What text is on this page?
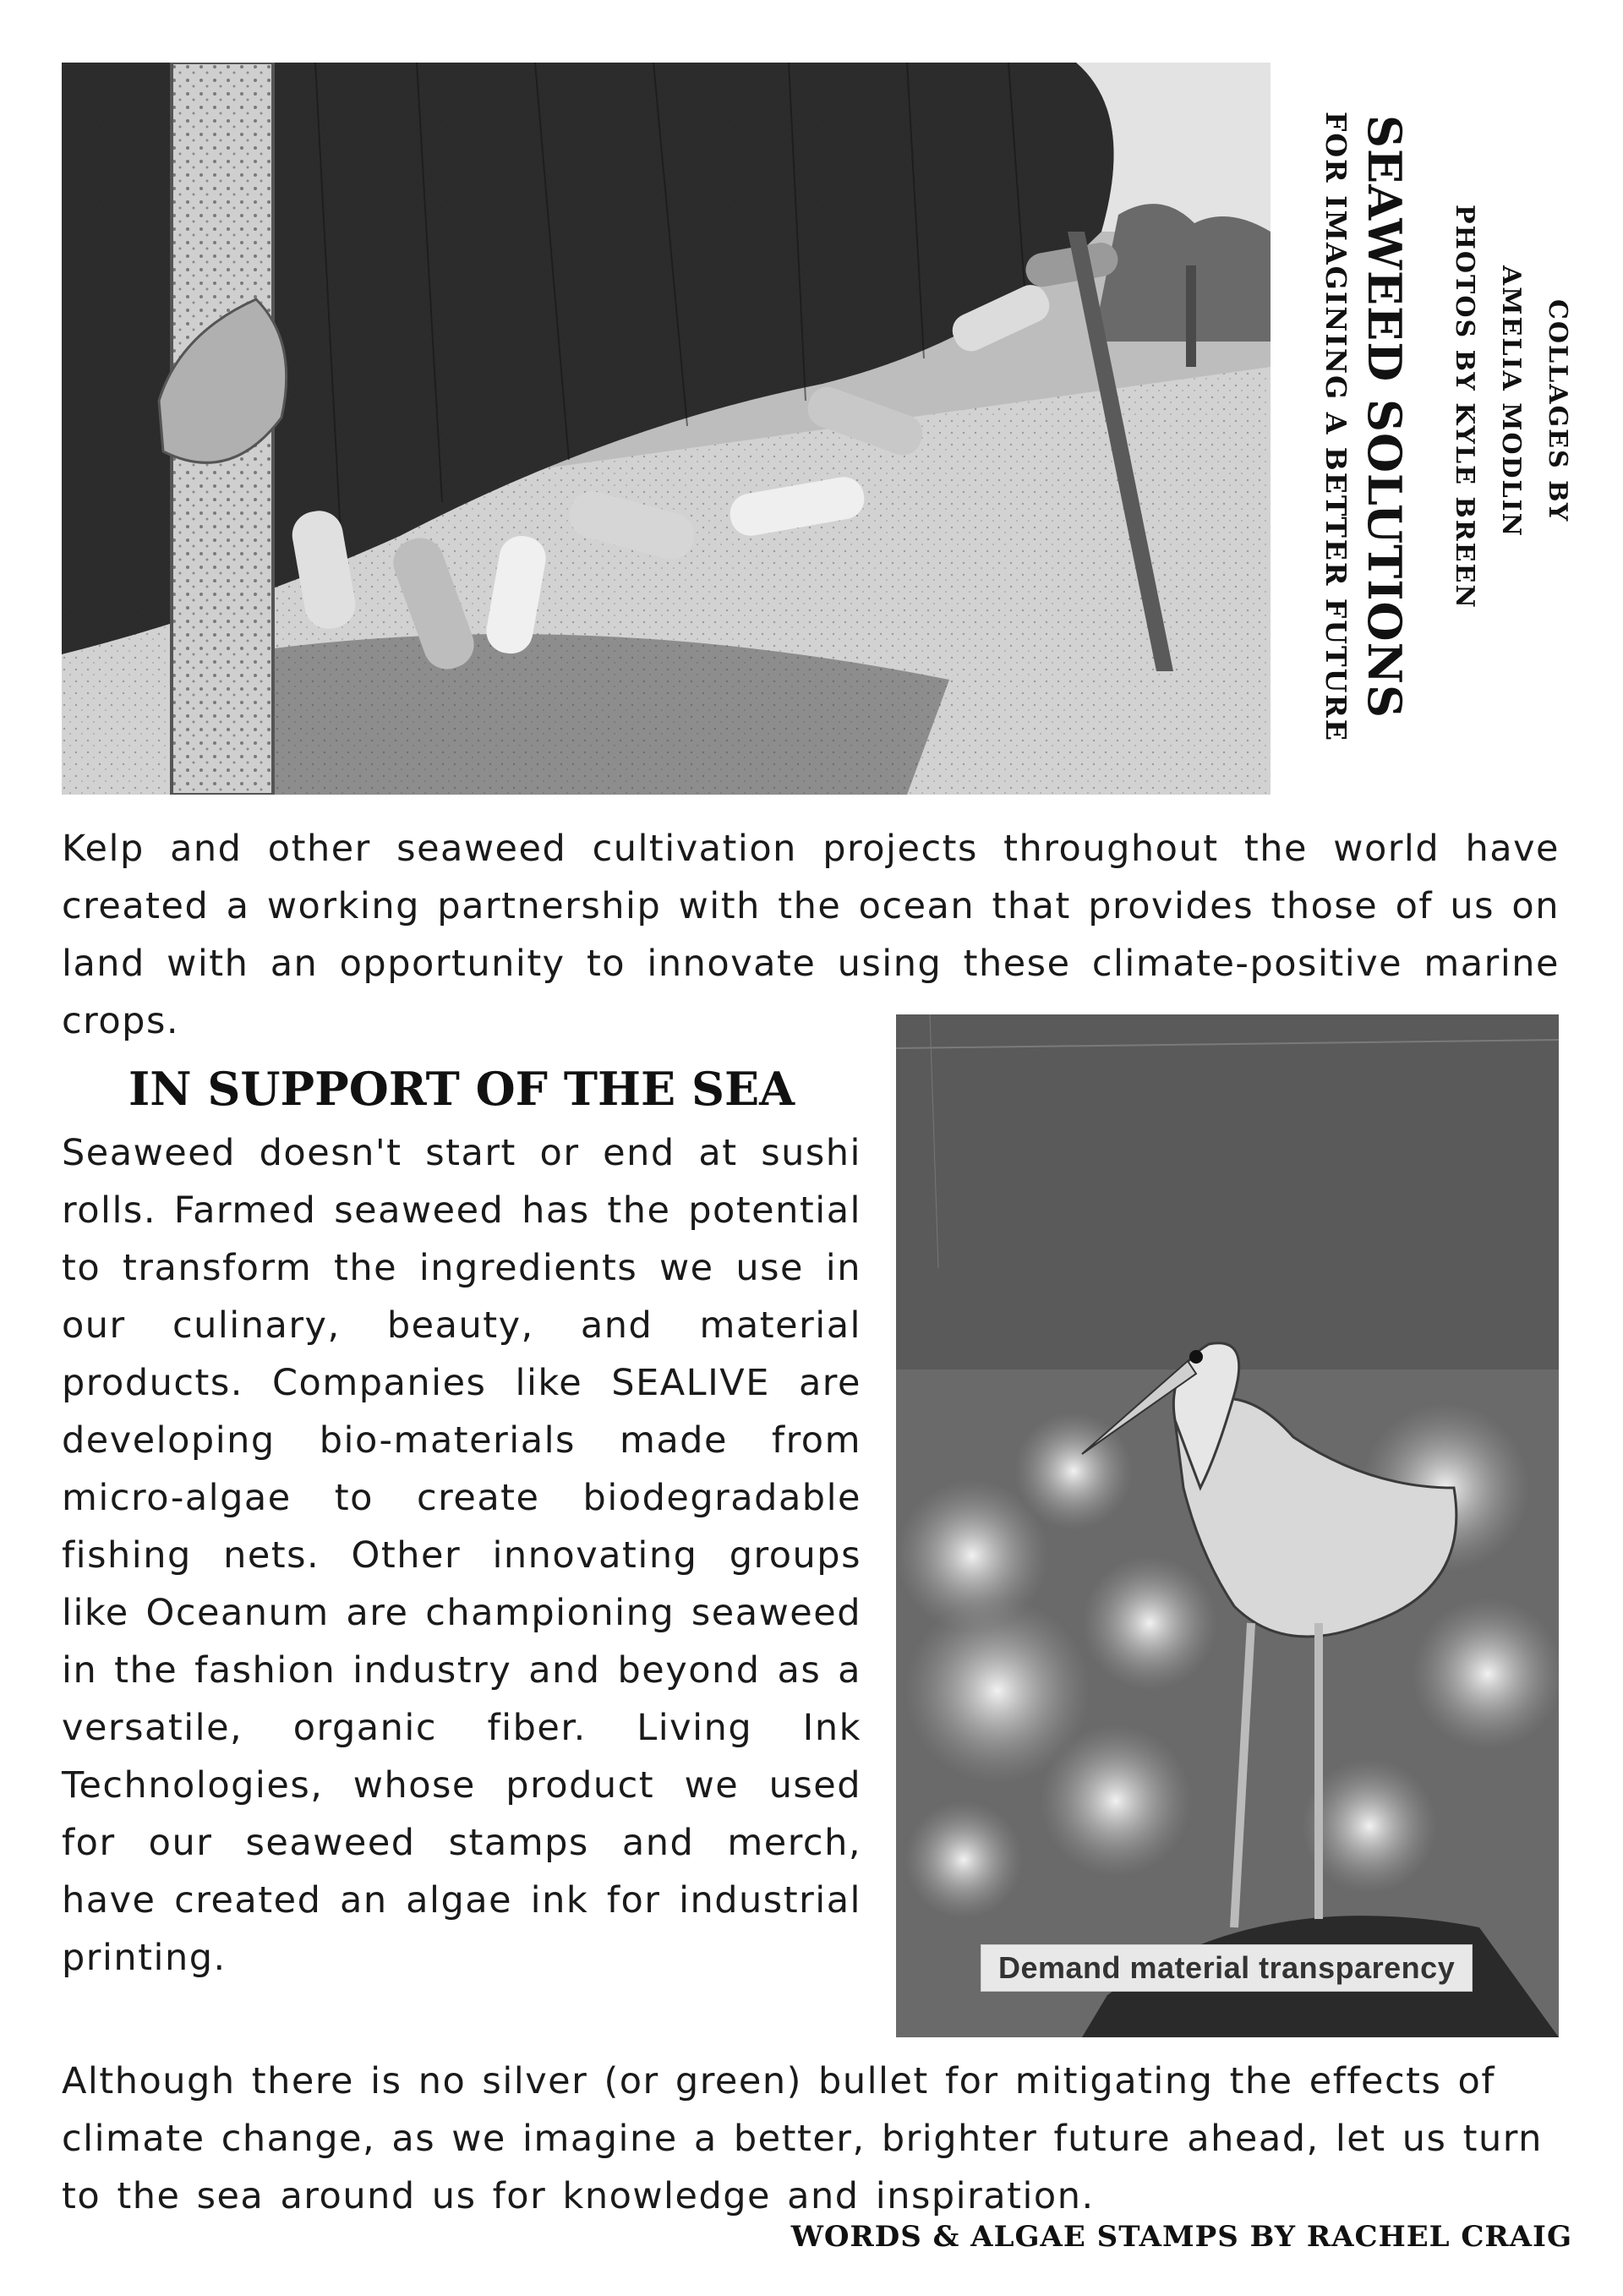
COLLAGES BY
AMELIA MODLIN
PHOTOS BY KYLE BREEN
SEAWEED SOLUTIONS
FOR IMAGINING A BETTER FUTURE

Kelp and other seaweed cultivation projects throughout the world have created a working partnership with the ocean that provides those of us on land with an opportunity to innovate using these climate-positive marine crops.

IN SUPPORT OF THE SEA

Seaweed doesn't start or end at sushi rolls. Farmed seaweed has the potential to transform the ingredients we use in our culinary, beauty, and material products. Companies like SEALIVE are developing bio-materials made from micro-algae to create biodegradable fishing nets. Other innovating groups like Oceanum are championing seaweed in the fashion industry and beyond as a versatile, organic fiber. Living Ink Technologies, whose product we used for our seaweed stamps and merch, have created an algae ink for industrial printing.	Demand material transparency

Although there is no silver (or green) bullet for mitigating the effects of climate change, as we imagine a better, brighter future ahead, let us turn to the sea around us for knowledge and inspiration.

WORDS & ALGAE STAMPS BY RACHEL CRAIG
